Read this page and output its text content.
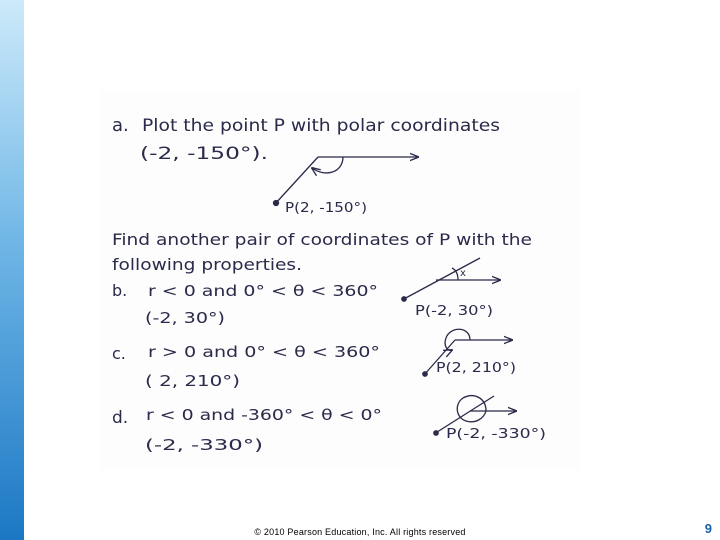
a. Plot the point P with polar coordinates
(-2, -150°).
P(2, -150°)
Find another pair of coordinates of P with the
following properties.
b. r < 0 and 0° < θ < 360°
(-2, 30°)
x
P(-2, 30°)
c. r > 0 and 0° < θ < 360°
( 2, 210°)
P(2, 210°)
d. r < 0 and -360° < θ < 0°
(-2, -330°)
P(-2, -330°)
© 2010 Pearson Education, Inc. All rights reserved	9
